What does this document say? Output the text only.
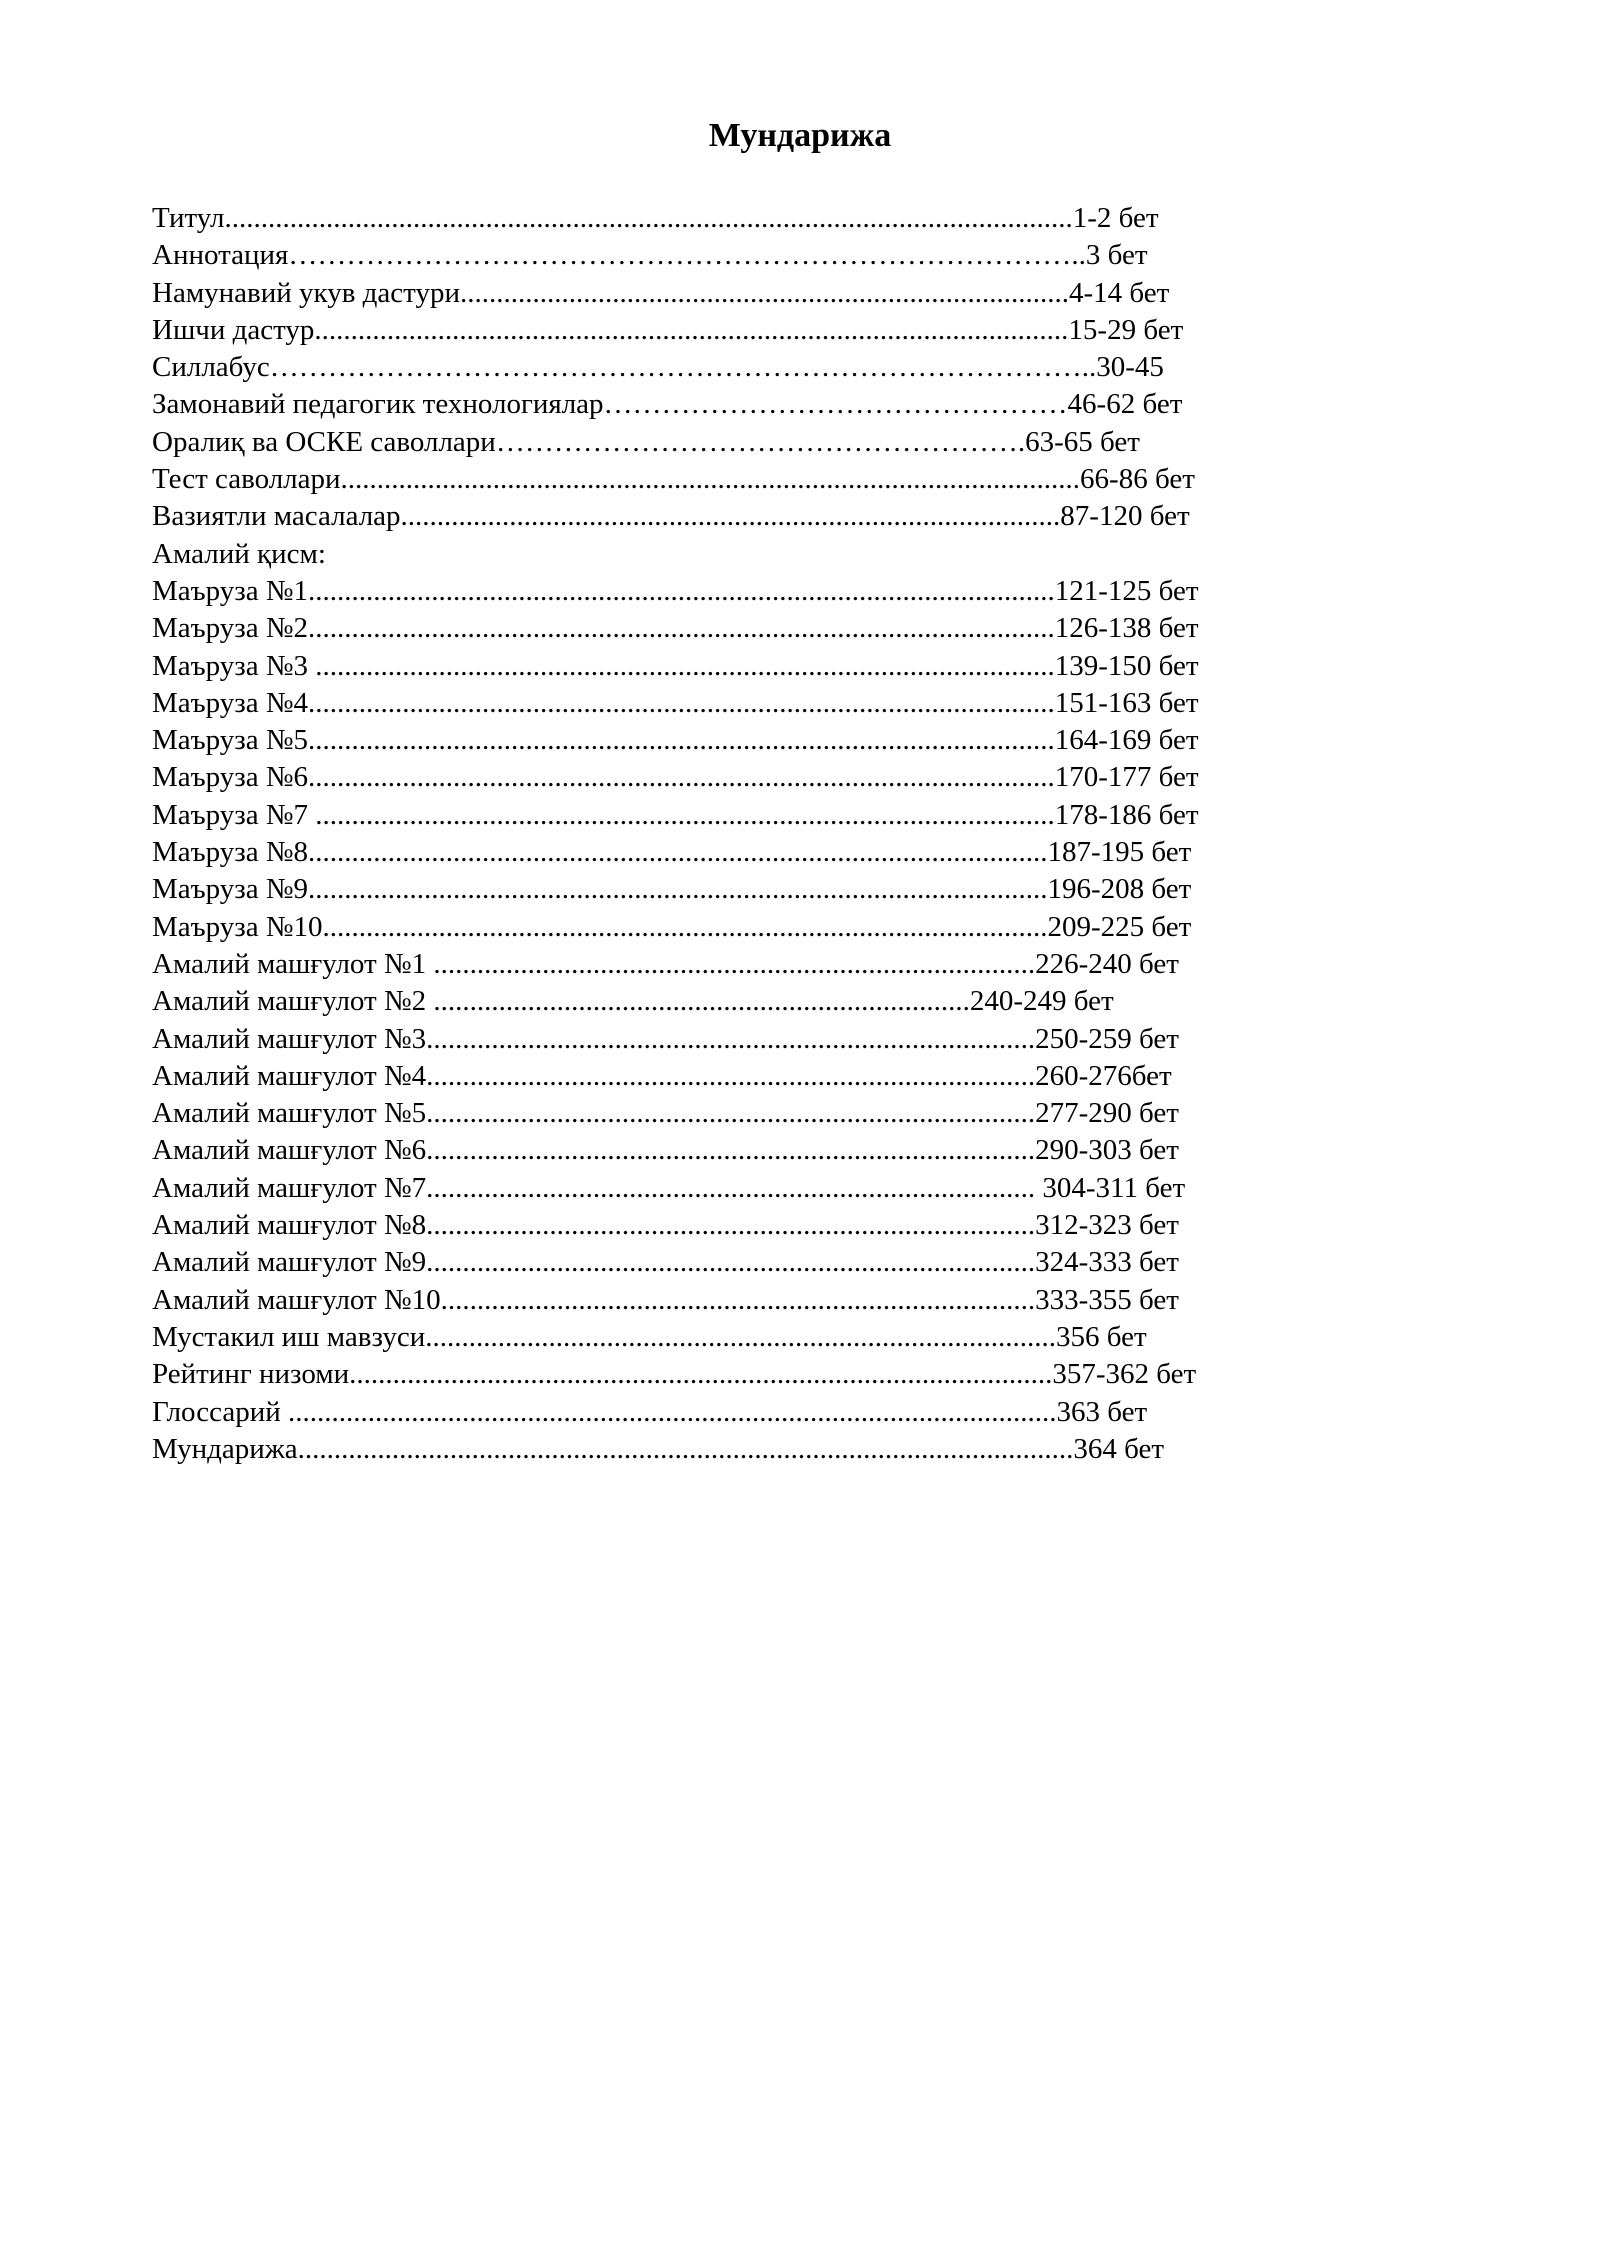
Мундарижа
Титул.....................................................................................................................1-2 бет
Аннотация………………………………………………………………………..3 бет
Намунавий укув дастури....................................................................................4-14 бет
Ишчи дастур........................................................................................................15-29 бет
Силлабус…………………………………………………………………………..30-45
Замонавий педагогик технологиялар…………………………………………46-62 бет
Оралиқ ва ОСКЕ саволлари……………………………………………….63-65 бет
Тест саволлари......................................................................................................66-86 бет
Вазиятли масалалар...........................................................................................87-120 бет
Амалий қисм:
Маъруза №1.......................................................................................................121-125 бет
Маъруза №2.......................................................................................................126-138 бет
Маъруза №3 ......................................................................................................139-150 бет
Маъруза №4.......................................................................................................151-163 бет
Маъруза №5.......................................................................................................164-169 бет
Маъруза №6.......................................................................................................170-177 бет
Маъруза №7 ......................................................................................................178-186 бет
Маъруза №8......................................................................................................187-195 бет
Маъруза №9......................................................................................................196-208 бет
Маъруза №10....................................................................................................209-225 бет
Амалий машғулот №1 ...................................................................................226-240 бет
Амалий машғулот №2 ..........................................................................240-249 бет
Амалий машғулот №3....................................................................................250-259 бет
Амалий машғулот №4....................................................................................260-276бет
Амалий машғулот №5....................................................................................277-290 бет
Амалий машғулот №6....................................................................................290-303 бет
Амалий машғулот №7.................................................................................... 304-311 бет
Амалий машғулот №8....................................................................................312-323 бет
Амалий машғулот №9....................................................................................324-333 бет
Амалий машғулот №10..................................................................................333-355 бет
Мустакил иш мавзуси.......................................................................................356 бет
Рейтинг низоми.................................................................................................357-362 бет
Глоссарий ..........................................................................................................363 бет
Мундарижа...........................................................................................................364 бет
